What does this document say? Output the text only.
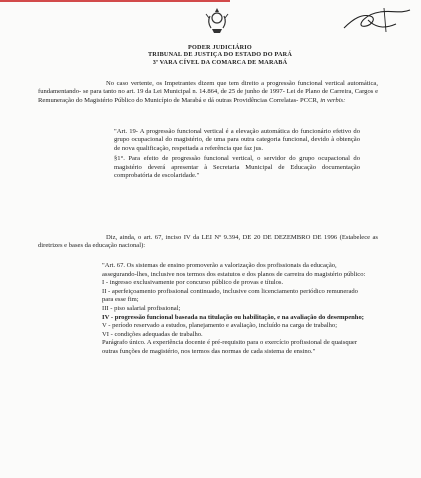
PODER JUDICIÁRIO
TRIBUNAL DE JUSTIÇA DO ESTADO DO PARÁ
3ª VARA CÍVEL DA COMARCA DE MARABÁ
No caso vertente, os Impetrantes dizem que tem direito a progressão funcional vertical automática, fundamentando- se para tanto no art. 19 da Lei Municipal n. 14.864, de 25 de junho de 1997- Lei de Plano de Carreira, Cargos e Remuneração do Magistério Público do Município de Marabá e dá outras Providências Correlatas- PCCR, in verbis:
"Art. 19- A progressão funcional vertical é a elevação automática do funcionário efetivo do grupo ocupacional do magistério, de uma para outra categoria funcional, devido à obtenção de nova qualificação, respeitada a referência que faz jus.
§1°. Para efeito de progressão funcional vertical, o servidor do grupo ocupacional do magistério deverá apresentar à Secretaria Municipal de Educação documentação comprobatória de escolaridade."
Diz, ainda, o art. 67, inciso IV da LEI Nº 9.394, DE 20 DE DEZEMBRO DE 1996 (Estabelece as diretrizes e bases da educação nacional):
"Art. 67. Os sistemas de ensino promoverão a valorização dos profissionais da educação, assegurando-lhes, inclusive nos termos dos estatutos e dos planos de carreira do magistério público:
I - ingresso exclusivamente por concurso público de provas e títulos.
II - aperfeiçoamento profissional continuado, inclusive com licenciamento periódico remunerado para esse fim;
III - piso salarial profissional;
IV - progressão funcional baseada na titulação ou habilitação, e na avaliação do desempenho;
V - período reservado a estudos, planejamento e avaliação, incluído na carga de trabalho;
VI - condições adequadas de trabalho.
Parágrafo único. A experiência docente é pré-requisito para o exercício profissional de quaisquer outras funções de magistério, nos termos das normas de cada sistema de ensino."
